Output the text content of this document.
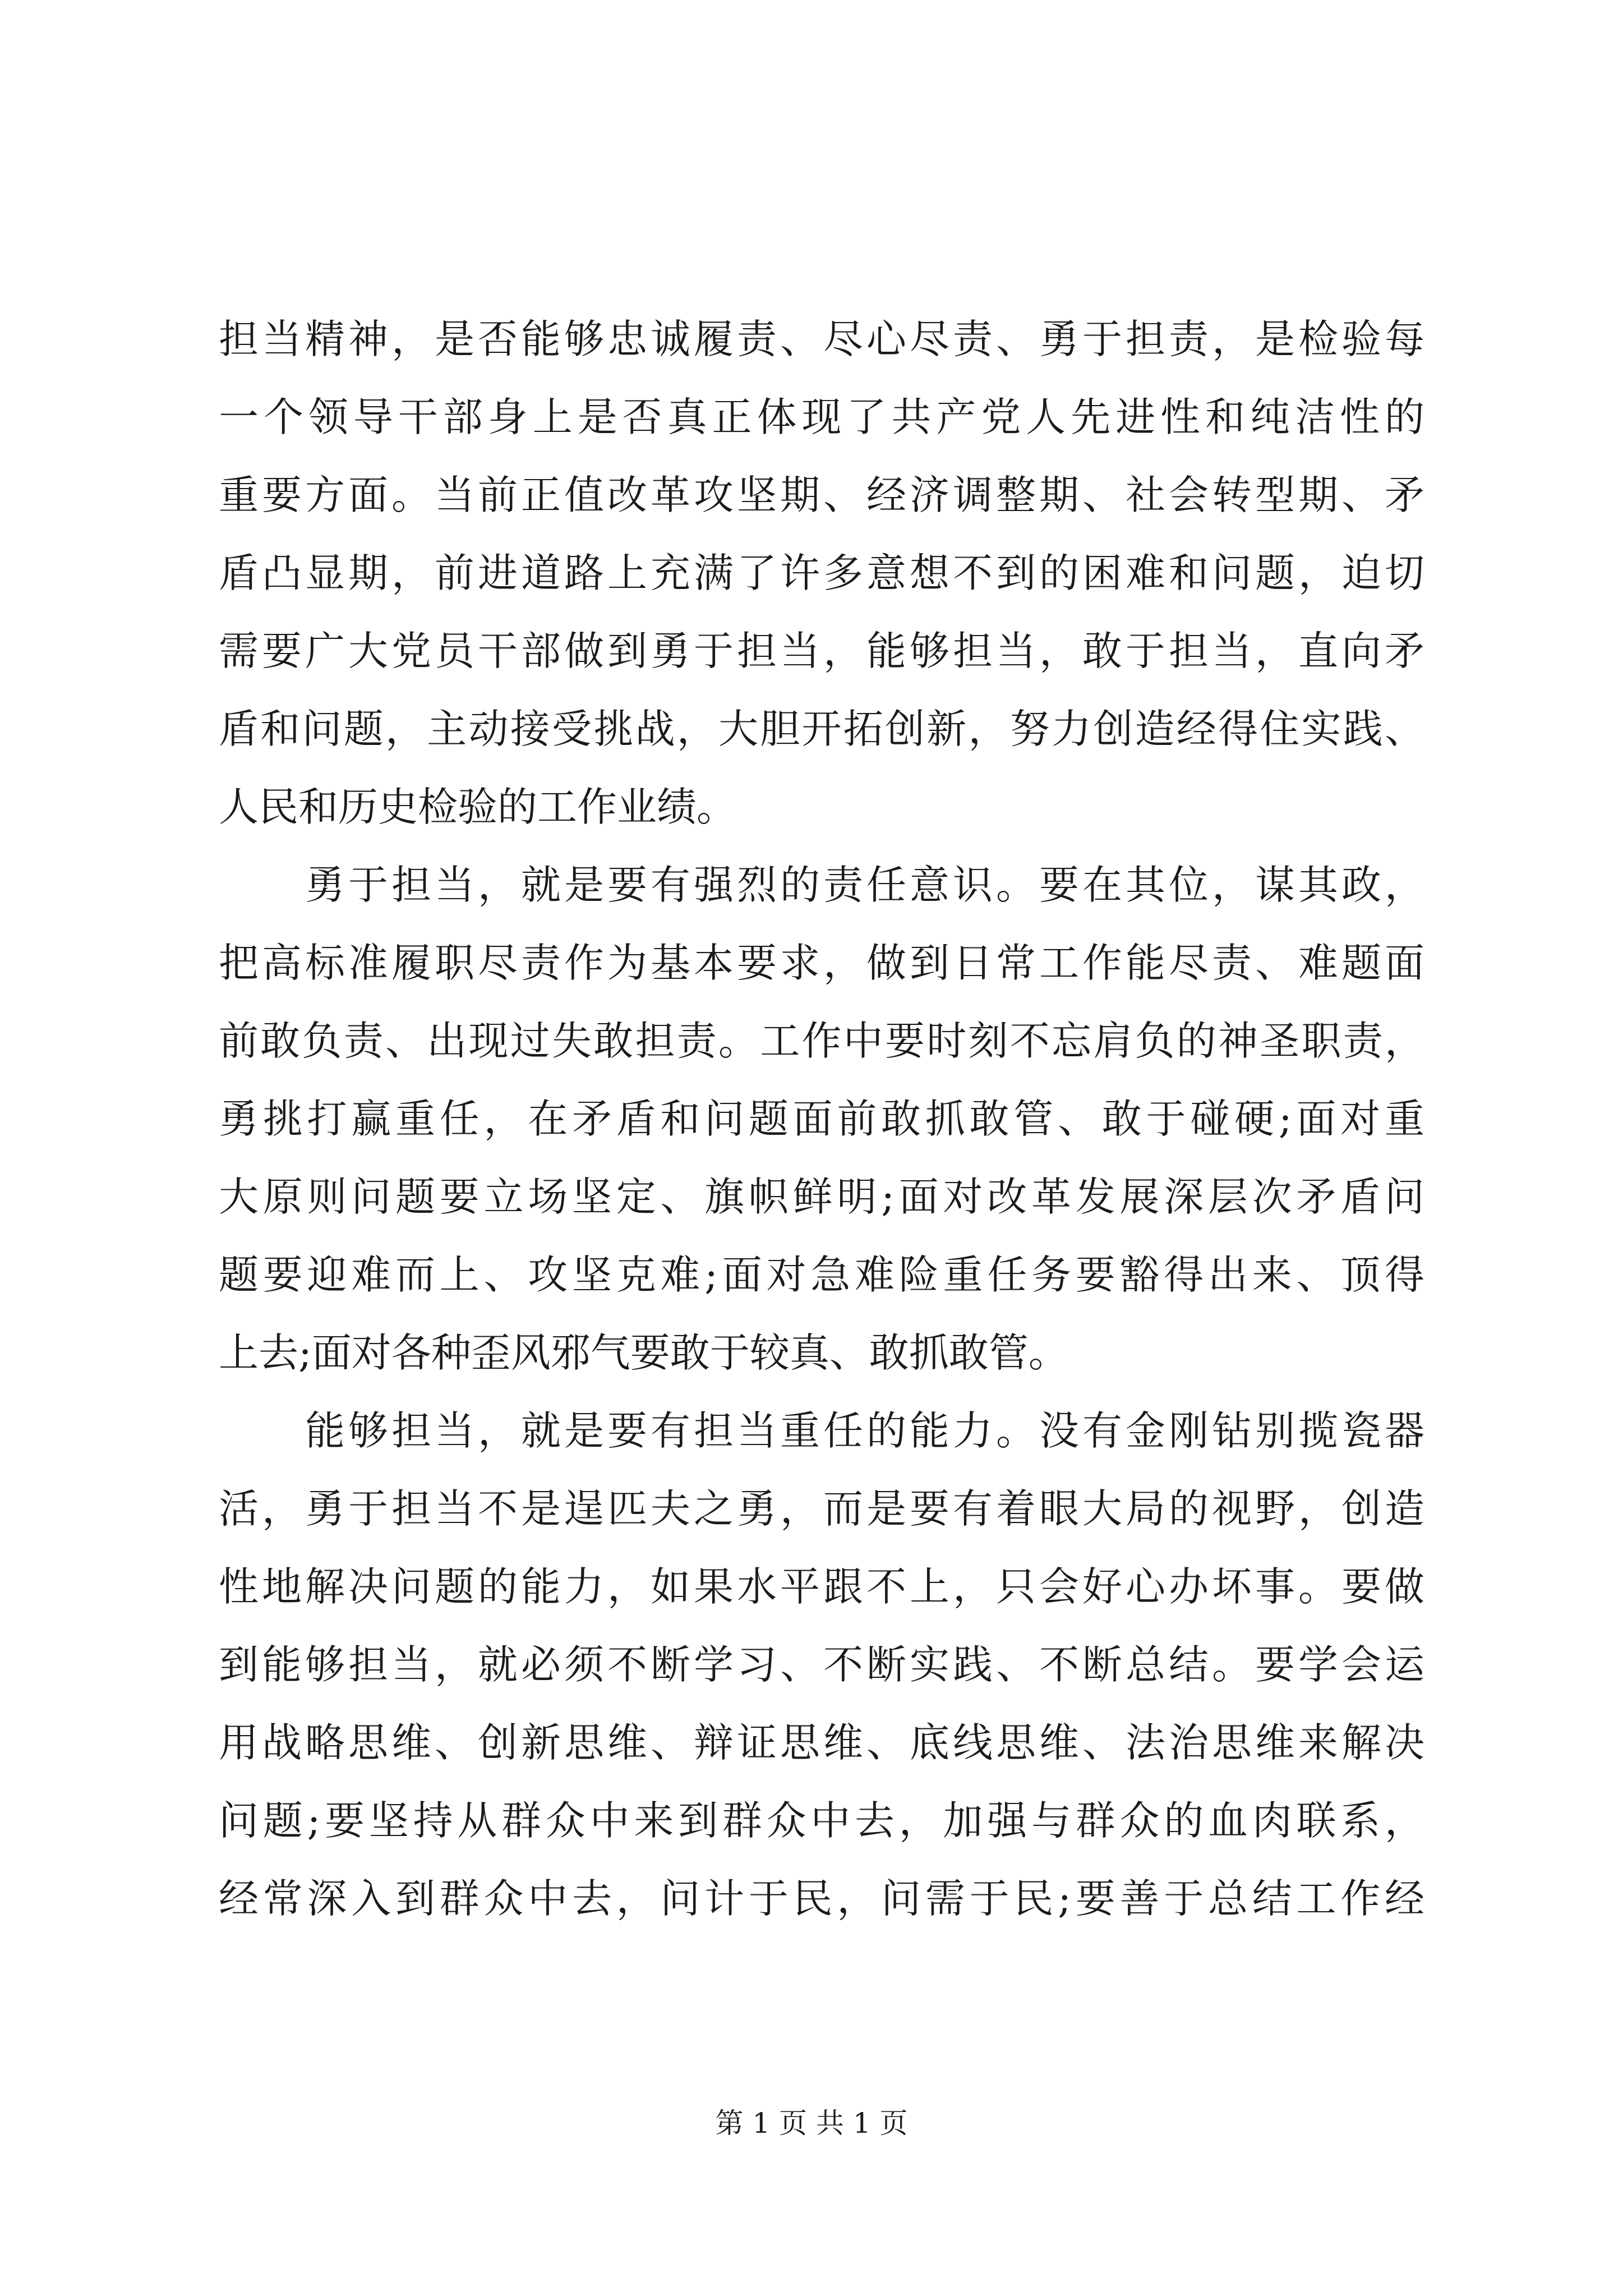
担当精神，是否能够忠诚履责、尽心尽责、勇于担责，是检验每
一个领导干部身上是否真正体现了共产党人先进性和纯洁性的
重要方面。当前正值改革攻坚期、经济调整期、社会转型期、矛
盾凸显期，前进道路上充满了许多意想不到的困难和问题，迫切
需要广大党员干部做到勇于担当，能够担当，敢于担当，直向矛
盾和问题，主动接受挑战，大胆开拓创新，努力创造经得住实践、
人民和历史检验的工作业绩。
　　勇于担当，就是要有强烈的责任意识。要在其位，谋其政，
把高标准履职尽责作为基本要求，做到日常工作能尽责、难题面
前敢负责、出现过失敢担责。工作中要时刻不忘肩负的神圣职责，
勇挑打赢重任，在矛盾和问题面前敢抓敢管、敢于碰硬;面对重
大原则问题要立场坚定、旗帜鲜明;面对改革发展深层次矛盾问
题要迎难而上、攻坚克难;面对急难险重任务要豁得出来、顶得
上去;面对各种歪风邪气要敢于较真、敢抓敢管。
　　能够担当，就是要有担当重任的能力。没有金刚钻别揽瓷器
活，勇于担当不是逞匹夫之勇，而是要有着眼大局的视野，创造
性地解决问题的能力，如果水平跟不上，只会好心办坏事。要做
到能够担当，就必须不断学习、不断实践、不断总结。要学会运
用战略思维、创新思维、辩证思维、底线思维、法治思维来解决
问题;要坚持从群众中来到群众中去，加强与群众的血肉联系，
经常深入到群众中去，问计于民，问需于民;要善于总结工作经
第 1 页 共 1 页
